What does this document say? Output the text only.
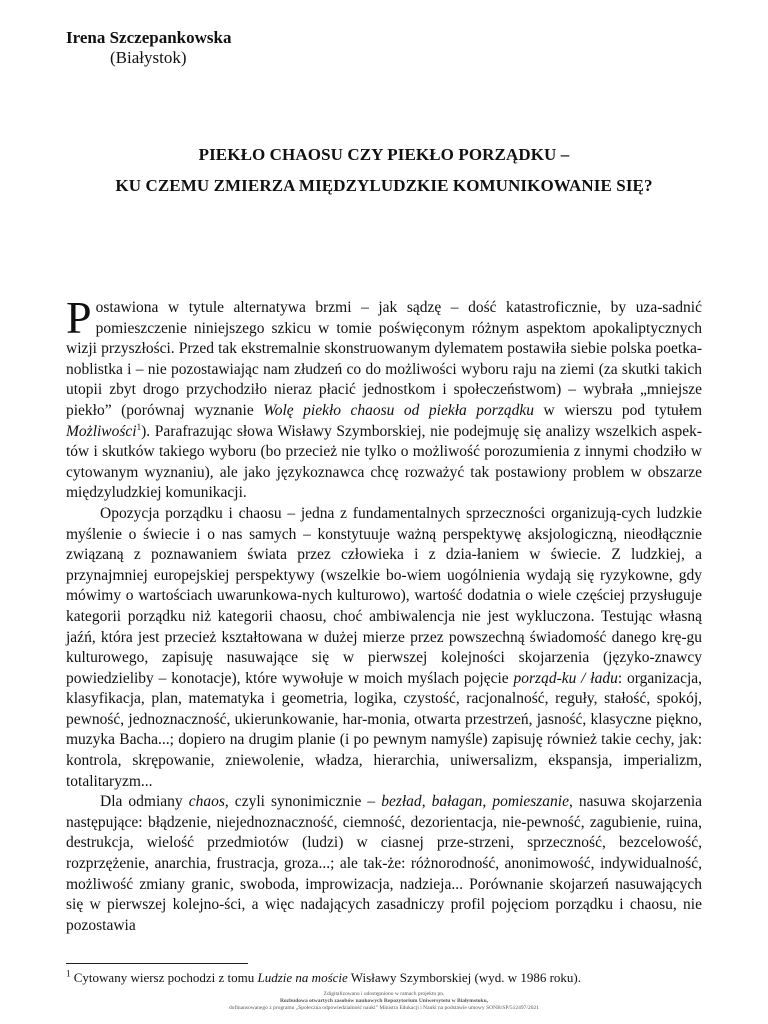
Irena Szczepankowska
(Białystok)
PIEKŁO CHAOSU CZY PIEKŁO PORZĄDKU –
KU CZEMU ZMIERZA MIĘDZYLUDZKIE KOMUNIKOWANIE SIĘ?

Postawiona w tytule alternatywa brzmi – jak sądzę – dość katastroficznie, by uza-sadnić pomieszczenie niniejszego szkicu w tomie poświęconym różnym aspektom apokaliptycznych wizji przyszłości. Przed tak ekstremalnie skonstruowanym dylematem postawiła siebie polska poetka-noblistka i – nie pozostawiając nam złudzeń co do możliwości wyboru raju na ziemi (za skutki takich utopii zbyt drogo przychodziło nieraz płacić jednostkom i społeczeństwom) – wybrała „mniejsze piekło” (porównaj wyznanie Wolę piekło chaosu od piekła porządku w wierszu pod tytułem Możliwości$^1$). Parafrazując słowa Wisławy Szymborskiej, nie podejmuję się analizy wszelkich aspek-tów i skutków takiego wyboru (bo przecież nie tylko o możliwość porozumienia z innymi chodziło w cytowanym wyznaniu), ale jako językoznawca chcę rozważyć tak postawiony problem w obszarze międzyludzkiej komunikacji.

Opozycja porządku i chaosu – jedna z fundamentalnych sprzeczności organizują-cych ludzkie myślenie o świecie i o nas samych – konstytuuje ważną perspektywę aksjologiczną, nieodłącznie związaną z poznawaniem świata przez człowieka i z dzia-łaniem w świecie. Z ludzkiej, a przynajmniej europejskiej perspektywy (wszelkie bo-wiem uogólnienia wydają się ryzykowne, gdy mówimy o wartościach uwarunkowa-nych kulturowo), wartość dodatnia o wiele częściej przysługuje kategorii porządku niż kategorii chaosu, choć ambiwalencja nie jest wykluczona. Testując własną jaźń, która jest przecież kształtowana w dużej mierze przez powszechną świadomość danego krę-gu kulturowego, zapisuję nasuwające się w pierwszej kolejności skojarzenia (języko-znawcy powiedzieliby – konotacje), które wywołuje w moich myślach pojęcie porząd-ku / ładu: organizacja, klasyfikacja, plan, matematyka i geometria, logika, czystość, racjonalność, reguły, stałość, spokój, pewność, jednoznaczność, ukierunkowanie, har-monia, otwarta przestrzeń, jasność, klasyczne piękno, muzyka Bacha...; dopiero na drugim planie (i po pewnym namyśle) zapisuję również takie cechy, jak: kontrola, skrępowanie, zniewolenie, władza, hierarchia, uniwersalizm, ekspansja, imperializm, totalitaryzm...

Dla odmiany chaos, czyli synonimicznie – bezład, bałagan, pomieszanie, nasuwa skojarzenia następujące: błądzenie, niejednoznaczność, ciemność, dezorientacja, nie-pewność, zagubienie, ruina, destrukcja, wielość przedmiotów (ludzi) w ciasnej prze-strzeni, sprzeczność, bezcelowość, rozprzężenie, anarchia, frustracja, groza...; ale tak-że: różnorodność, anonimowość, indywidualność, możliwość zmiany granic, swoboda, improwizacja, nadzieja... Porównanie skojarzeń nasuwających się w pierwszej kolejno-ści, a więc nadających zasadniczy profil pojęciom porządku i chaosu, nie pozostawia

$^1$ Cytowany wiersz pochodzi z tomu Ludzie na moście Wisławy Szymborskiej (wyd. w 1986 roku).
Zdigitalizowano i udostępniono w ramach projektu pn.
Rozbudowa otwartych zasobów naukowych Repozytorium Uniwersytetu w Białymstoku,
dofinansowanego z programu „Społeczna odpowiedzialność nauki” Ministra Edukacji i Nauki na podstawie umowy SONB/SP/512497/2021
